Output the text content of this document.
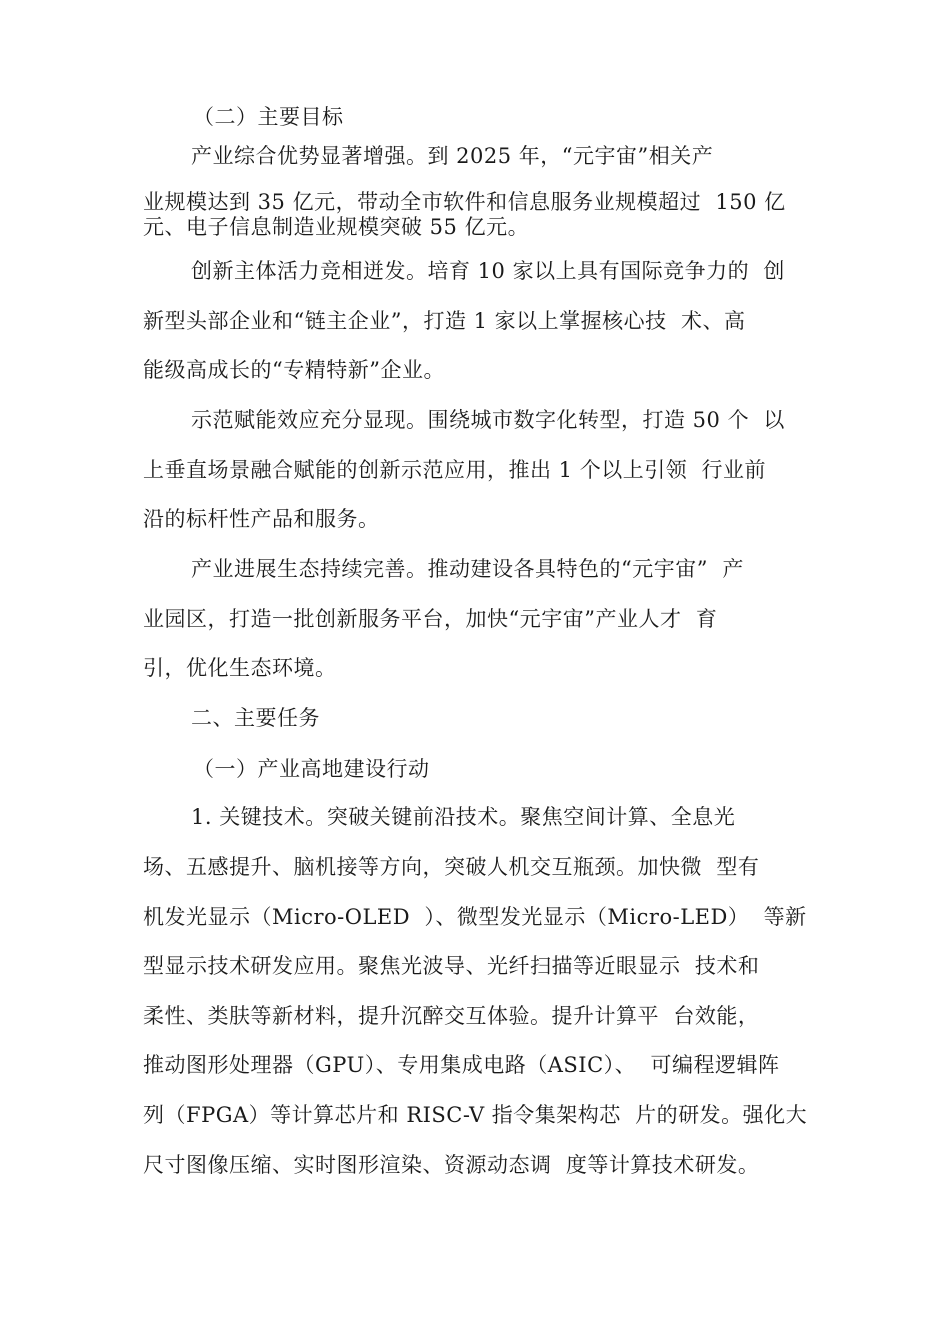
（二）主要目标
产业综合优势显著增强。到 2025 年，“元宇宙”相关产
业规模达到 35 亿元，带动全市软件和信息服务业规模超过  150 亿
元、电子信息制造业规模突破 55 亿元。
创新主体活力竞相迸发。培育 10 家以上具有国际竞争力的  创
新型头部企业和“链主企业”，打造 1 家以上掌握核心技  术、高
能级高成长的“专精特新”企业。
示范赋能效应充分显现。围绕城市数字化转型，打造 50 个  以
上垂直场景融合赋能的创新示范应用，推出 1 个以上引领  行业前
沿的标杆性产品和服务。
产业进展生态持续完善。推动建设各具特色的“元宇宙”  产
业园区，打造一批创新服务平台，加快“元宇宙”产业人才  育
引，优化生态环境。
二、主要任务
（一）产业高地建设行动
1. 关键技术。突破关键前沿技术。聚焦空间计算、全息光
场、五感提升、脑机接等方向，突破人机交互瓶颈。加快微  型有
机发光显示（Micro-OLED  ）、微型发光显示（Micro-LED）  等新
型显示技术研发应用。聚焦光波导、光纤扫描等近眼显示  技术和
柔性、类肤等新材料，提升沉醉交互体验。提升计算平  台效能，
推动图形处理器（GPU）、专用集成电路（ASIC）、  可编程逻辑阵
列（FPGA）等计算芯片和 RISC-V 指令集架构芯  片的研发。强化大
尺寸图像压缩、实时图形渲染、资源动态调  度等计算技术研发。
